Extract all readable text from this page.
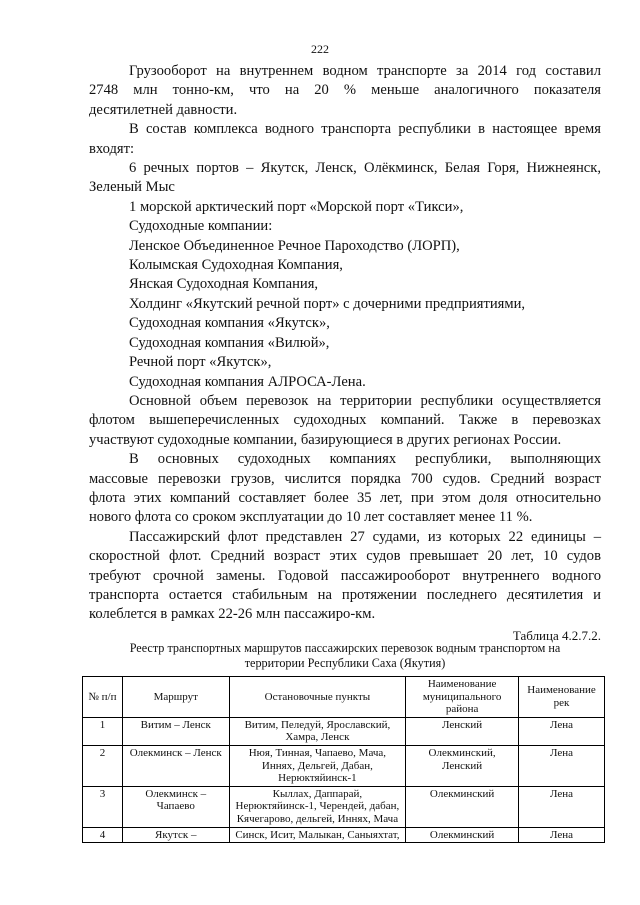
222

Грузооборот на внутреннем водном транспорте за 2014 год составил

2748 млн тонно-км, что на 20 % меньше аналогичного показателя

десятилетней давности.

В состав комплекса водного транспорта республики в настоящее время

входят:

6 речных портов – Якутск, Ленск, Олёкминск, Белая Горя, Нижнеянск,

Зеленый Мыс

1 морской арктический порт «Морской порт «Тикси»,

Судоходные компании:

Ленское Объединенное Речное Пароходство (ЛОРП),

Колымская Судоходная Компания,

Янская Судоходная Компания,

Холдинг «Якутский речной порт» с дочерними предприятиями,

Судоходная компания «Якутск»,

Судоходная компания «Вилюй»,

Речной порт «Якутск»,

Судоходная компания АЛРОСА-Лена.

Основной объем перевозок на территории республики осуществляется

флотом вышеперечисленных судоходных компаний. Также в перевозках

участвуют судоходные компании, базирующиеся в других регионах России.

В основных судоходных компаниях республики, выполняющих

массовые перевозки грузов, числится порядка 700 судов. Средний возраст

флота этих компаний составляет более 35 лет, при этом доля относительно

нового флота со сроком эксплуатации до 10 лет составляет менее 11 %.

Пассажирский флот представлен 27 судами, из которых 22 единицы –

скоростной флот. Средний возраст этих судов превышает 20 лет, 10 судов

требуют срочной замены. Годовой пассажирооборот внутреннего водного

транспорта остается стабильным на протяжении последнего десятилетия и

колеблется в рамках 22-26 млн пассажиро-км.

Таблица 4.2.7.2.
Реестр транспортных маршрутов пассажирских перевозок водным транспортом на
территории Республики Саха (Якутия)
№ п/п	Маршрут	Остановочные пункты	Наименование муниципального района	Наименование рек
1	Витим – Ленск	Витим, Пеледуй, Ярославский, Хамра, Ленск	Ленский	Лена
2	Олекминск – Ленск	Нюя, Тинная, Чапаево, Мача, Иннях, Дельгей, Дабан, Нерюктяйинск-1	Олекминский, Ленский	Лена
3	Олекминск – Чапаево	Кыллах, Даппарай, Нерюктяйинск-1, Черендей, дабан, Кячегарово, дельгей, Иннях, Мача	Олекминский	Лена
4	Якутск –	Синск, Исит, Малыкан, Саныяхтат,	Олекминский	Лена
